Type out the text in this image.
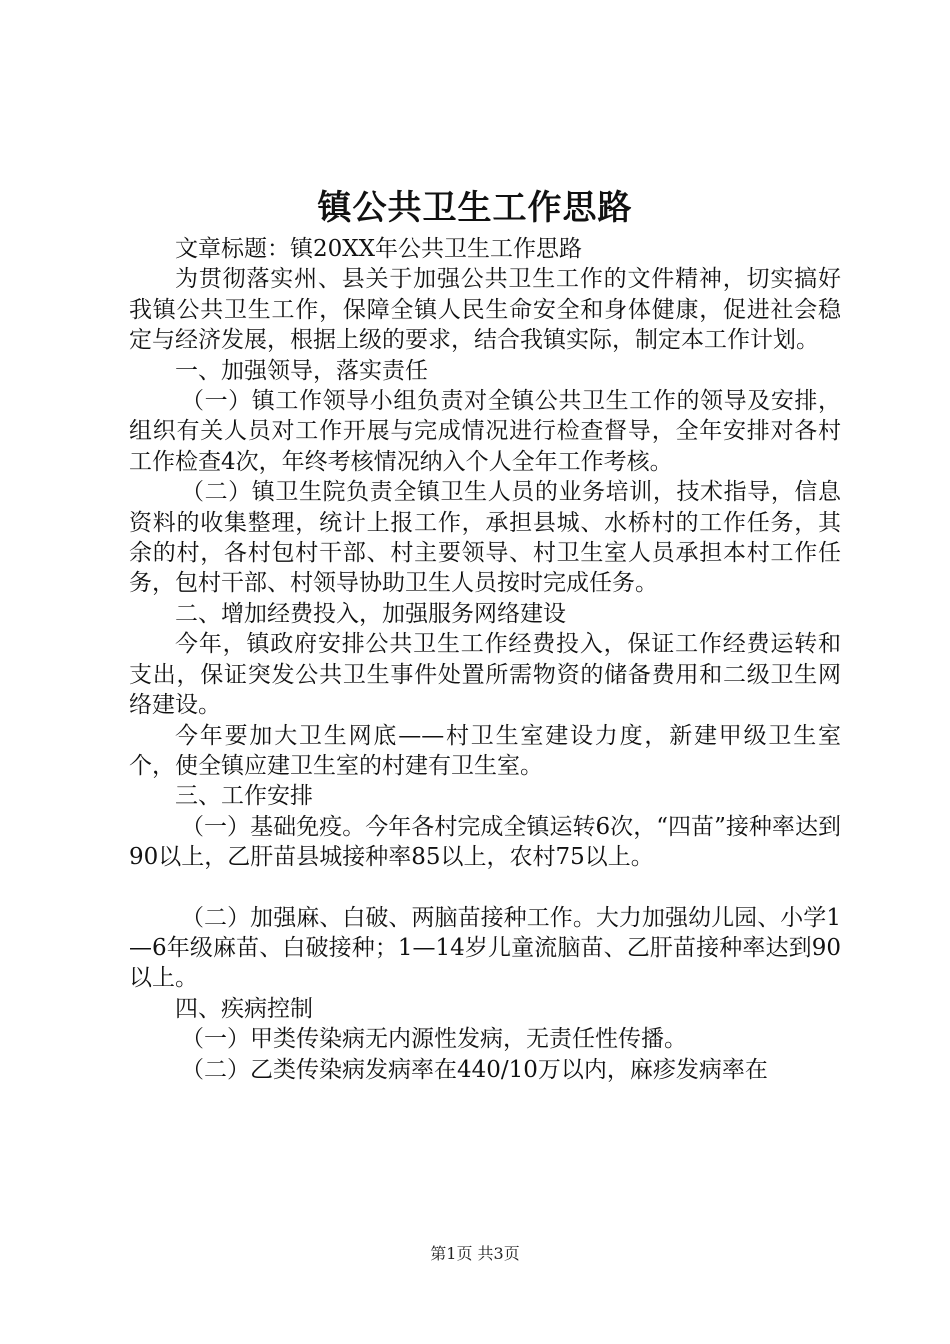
镇公共卫生工作思路

文章标题：镇20XX年公共卫生工作思路

为贯彻落实州、县关于加强公共卫生工作的文件精神，切实搞好我镇公共卫生工作，保障全镇人民生命安全和身体健康，促进社会稳定与经济发展，根据上级的要求，结合我镇实际，制定本工作计划。

一、加强领导，落实责任

（一）镇工作领导小组负责对全镇公共卫生工作的领导及安排，组织有关人员对工作开展与完成情况进行检查督导，全年安排对各村工作检查4次，年终考核情况纳入个人全年工作考核。

（二）镇卫生院负责全镇卫生人员的业务培训，技术指导，信息资料的收集整理，统计上报工作，承担县城、水桥村的工作任务，其余的村，各村包村干部、村主要领导、村卫生室人员承担本村工作任务，包村干部、村领导协助卫生人员按时完成任务。

二、增加经费投入，加强服务网络建设

今年，镇政府安排公共卫生工作经费投入，保证工作经费运转和支出，保证突发公共卫生事件处置所需物资的储备费用和二级卫生网络建设。

今年要加大卫生网底——村卫生室建设力度，新建甲级卫生室个，使全镇应建卫生室的村建有卫生室。

三、工作安排

（一）基础免疫。今年各村完成全镇运转6次，“四苗”接种率达到90以上，乙肝苗县城接种率85以上，农村75以上。

（二）加强麻、白破、两脑苗接种工作。大力加强幼儿园、小学1—6年级麻苗、白破接种；1—14岁儿童流脑苗、乙肝苗接种率达到90以上。

四、疾病控制

（一）甲类传染病无内源性发病，无责任性传播。

（二）乙类传染病发病率在440/10万以内，麻疹发病率在

第1页 共3页
